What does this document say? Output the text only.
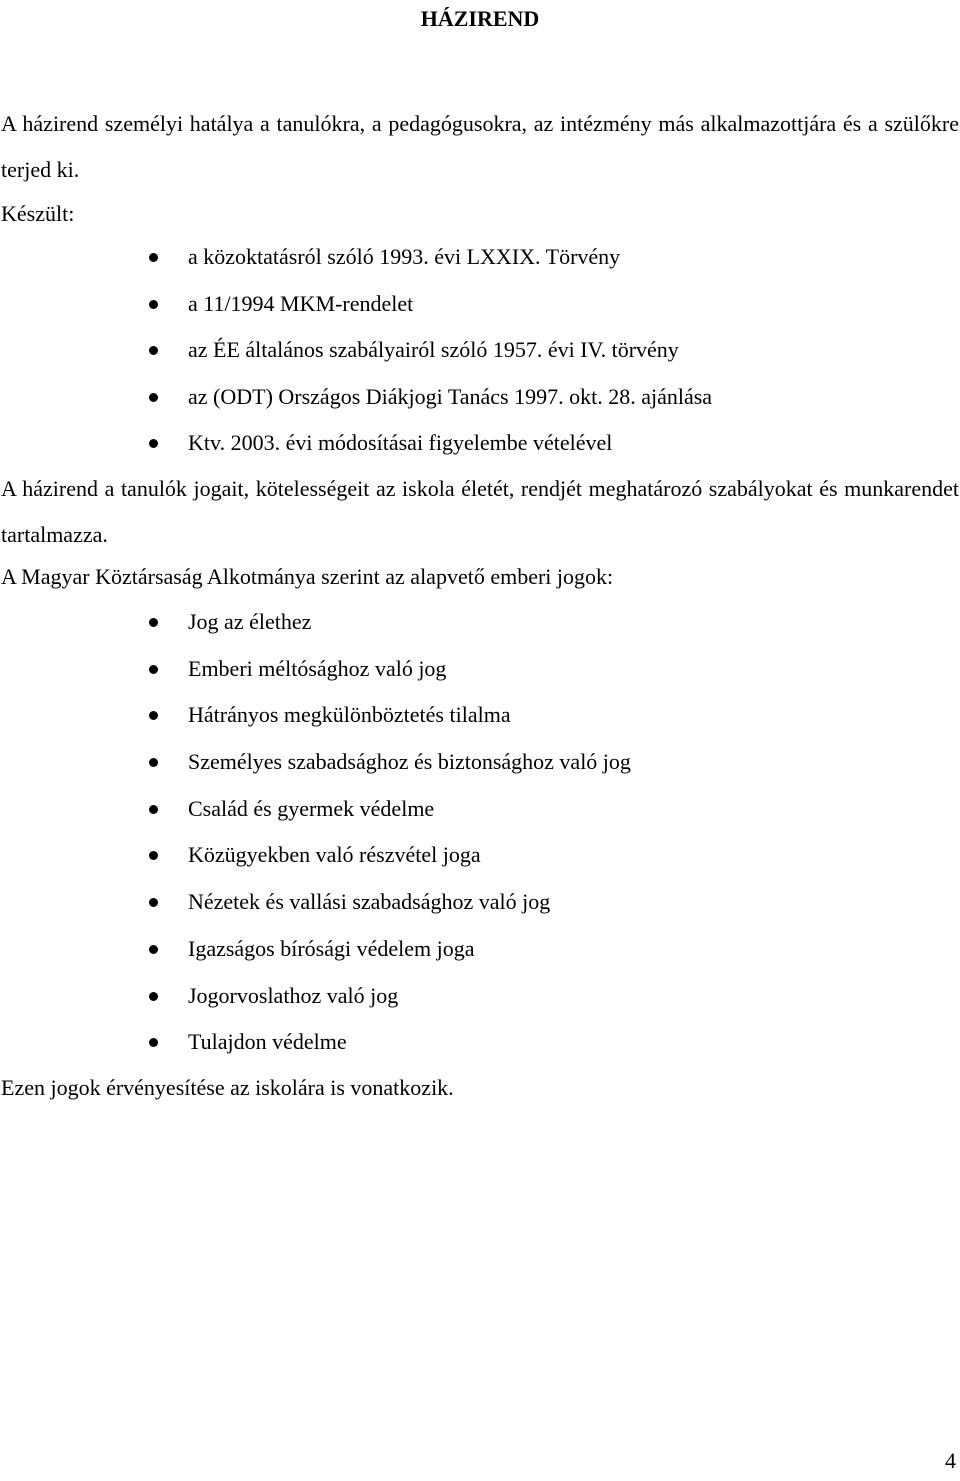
HÁZIREND

A házirend személyi hatálya a tanulókra, a pedagógusokra, az intézmény más alkalmazottjára és a szülőkre terjed ki.

Készült:

a közoktatásról szóló 1993. évi LXXIX. Törvény
a 11/1994 MKM-rendelet
az ÉE általános szabályairól szóló 1957. évi IV. törvény
az (ODT) Országos Diákjogi Tanács 1997. okt. 28. ajánlása
Ktv. 2003. évi módosításai figyelembe vételével

A házirend a tanulók jogait, kötelességeit az iskola életét, rendjét meghatározó szabályokat és munkarendet tartalmazza.

A Magyar Köztársaság Alkotmánya szerint az alapvető emberi jogok:

Jog az élethez
Emberi méltósághoz való jog
Hátrányos megkülönböztetés tilalma
Személyes szabadsághoz és biztonsághoz való jog
Család és gyermek védelme
Közügyekben való részvétel joga
Nézetek és vallási szabadsághoz való jog
Igazságos bírósági védelem joga
Jogorvoslathoz való jog
Tulajdon védelme

Ezen jogok érvényesítése az iskolára is vonatkozik.

4
